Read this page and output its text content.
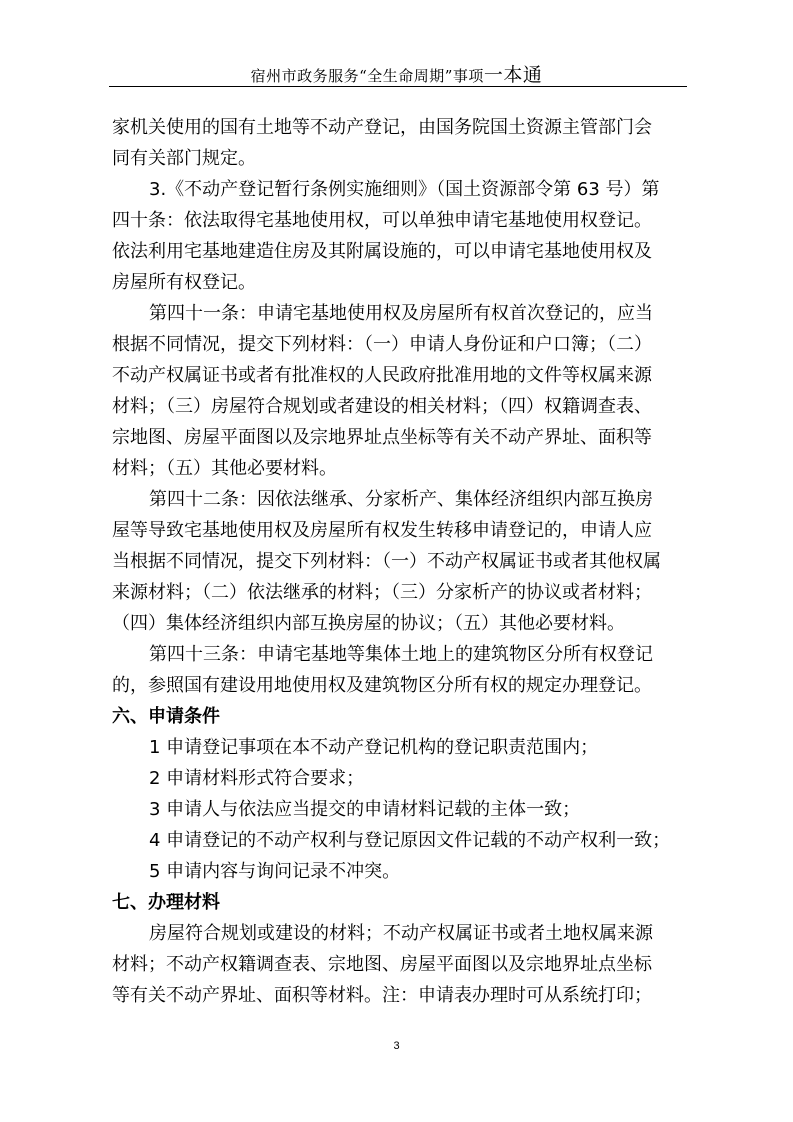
宿州市政务服务“全生命周期”事项一本通

家机关使用的国有土地等不动产登记，由国务院国土资源主管部门会

同有关部门规定。

3.《不动产登记暂行条例实施细则》（国土资源部令第 63 号）第

四十条：依法取得宅基地使用权，可以单独申请宅基地使用权登记。

依法利用宅基地建造住房及其附属设施的，可以申请宅基地使用权及

房屋所有权登记。

第四十一条：申请宅基地使用权及房屋所有权首次登记的，应当

根据不同情况，提交下列材料：（一）申请人身份证和户口簿；（二）

不动产权属证书或者有批准权的人民政府批准用地的文件等权属来源

材料；（三）房屋符合规划或者建设的相关材料；（四）权籍调查表、

宗地图、房屋平面图以及宗地界址点坐标等有关不动产界址、面积等

材料；（五）其他必要材料。

第四十二条：因依法继承、分家析产、集体经济组织内部互换房

屋等导致宅基地使用权及房屋所有权发生转移申请登记的，申请人应

当根据不同情况，提交下列材料：（一）不动产权属证书或者其他权属

来源材料；（二）依法继承的材料；（三）分家析产的协议或者材料；

（四）集体经济组织内部互换房屋的协议；（五）其他必要材料。

第四十三条：申请宅基地等集体土地上的建筑物区分所有权登记

的，参照国有建设用地使用权及建筑物区分所有权的规定办理登记。

六、申请条件

1 申请登记事项在本不动产登记机构的登记职责范围内；

2 申请材料形式符合要求；

3 申请人与依法应当提交的申请材料记载的主体一致；

4 申请登记的不动产权利与登记原因文件记载的不动产权利一致；

5 申请内容与询问记录不冲突。

七、办理材料

房屋符合规划或建设的材料；不动产权属证书或者土地权属来源

材料；不动产权籍调查表、宗地图、房屋平面图以及宗地界址点坐标

等有关不动产界址、面积等材料。注：申请表办理时可从系统打印；

3
